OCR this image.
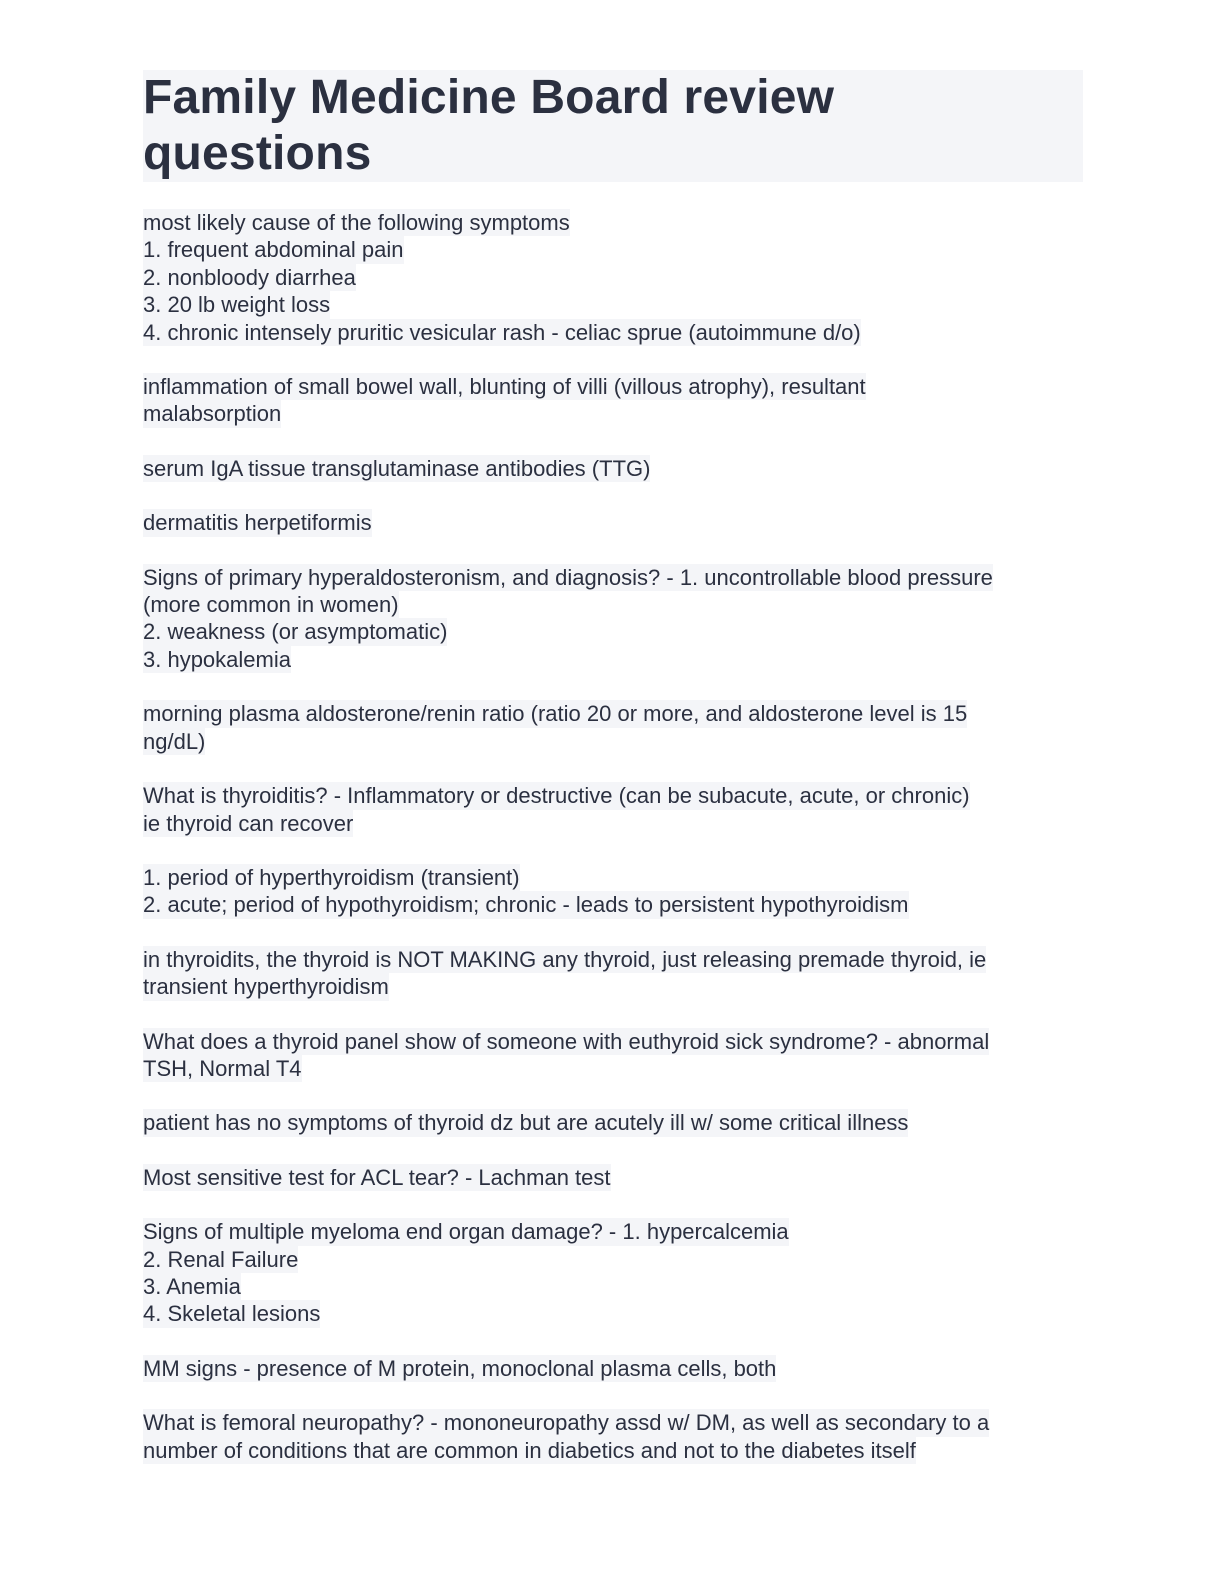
Family Medicine Board review questions
most likely cause of the following symptoms
1. frequent abdominal pain
2. nonbloody diarrhea
3. 20 lb weight loss
4. chronic intensely pruritic vesicular rash - celiac sprue (autoimmune d/o)
inflammation of small bowel wall, blunting of villi (villous atrophy), resultant
malabsorption
serum IgA tissue transglutaminase antibodies (TTG)
dermatitis herpetiformis
Signs of primary hyperaldosteronism, and diagnosis? - 1. uncontrollable blood pressure
(more common in women)
2. weakness (or asymptomatic)
3. hypokalemia
morning plasma aldosterone/renin ratio (ratio 20 or more, and aldosterone level is 15
ng/dL)
What is thyroiditis? - Inflammatory or destructive (can be subacute, acute, or chronic)
ie thyroid can recover
1. period of hyperthyroidism (transient)
2. acute; period of hypothyroidism; chronic - leads to persistent hypothyroidism
in thyroidits, the thyroid is NOT MAKING any thyroid, just releasing premade thyroid, ie
transient hyperthyroidism
What does a thyroid panel show of someone with euthyroid sick syndrome? - abnormal
TSH, Normal T4
patient has no symptoms of thyroid dz but are acutely ill w/ some critical illness
Most sensitive test for ACL tear? - Lachman test
Signs of multiple myeloma end organ damage? - 1. hypercalcemia
2. Renal Failure
3. Anemia
4. Skeletal lesions
MM signs - presence of M protein, monoclonal plasma cells, both
What is femoral neuropathy? - mononeuropathy assd w/ DM, as well as secondary to a
number of conditions that are common in diabetics and not to the diabetes itself
